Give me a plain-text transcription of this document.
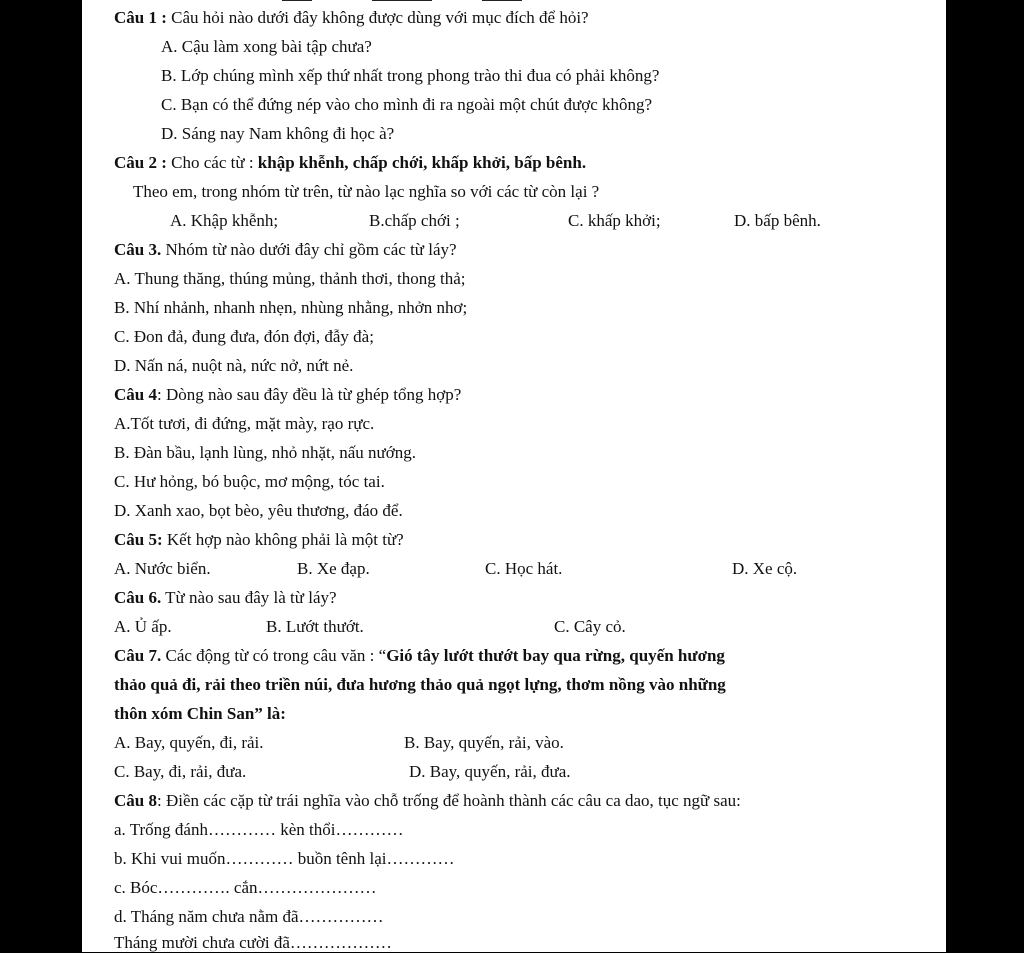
Câu 1 : Câu hỏi nào dưới đây không được dùng với mục đích để hỏi?
A. Cậu làm xong bài tập chưa?
B. Lớp chúng mình xếp thứ nhất trong phong trào thi đua có phải không?
C. Bạn có thể đứng nép vào cho mình đi ra ngoài một chút được không?
D. Sáng nay Nam không đi học à?
Câu 2 : Cho các từ : khập khễnh, chấp chới, khấp khởi, bấp bênh.
Theo em, trong nhóm từ trên, từ nào lạc nghĩa so với các từ còn lại ?
A. Khập khễnh;	B.chấp chới ;	C. khấp khởi;	D. bấp bênh.
Câu 3. Nhóm từ nào dưới đây chỉ gồm các từ láy?
A. Thung thăng, thúng mủng, thảnh thơi, thong thả;
B. Nhí nhảnh, nhanh nhẹn, nhùng nhằng, nhởn nhơ;
C. Đon đả, đung đưa, đón đợi, đẫy đà;
D. Nấn ná, nuột nà, nức nở, nứt nẻ.
Câu 4: Dòng nào sau đây đều là từ ghép tổng hợp?
A.Tốt tươi, đi đứng, mặt mày, rạo rực.
B. Đàn bầu, lạnh lùng, nhỏ nhặt, nấu nướng.
C. Hư hỏng, bó buộc, mơ mộng, tóc tai.
D. Xanh xao, bọt bèo, yêu thương, đáo để.
Câu 5: Kết hợp nào không phải là một từ?
A. Nước biển.	B. Xe đạp.	C. Học hát.	D. Xe cộ.
Câu 6. Từ nào sau đây là từ láy?
A. Ủ ấp.	B. Lướt thướt.	C. Cây cỏ.
Câu 7. Các động từ có trong câu văn : “Gió tây lướt thướt bay qua rừng, quyến hương
thảo quả đi, rải theo triền núi, đưa hương thảo quả ngọt lựng, thơm nồng vào những
thôn xóm Chin San” là:
A. Bay, quyến, đi, rải.	B. Bay, quyến, rải, vào.
C. Bay, đi, rải, đưa.	D. Bay, quyến, rải, đưa.
Câu 8: Điền các cặp từ trái nghĩa vào chỗ trống để hoành thành các câu ca dao, tục ngữ sau:
a. Trống đánh………… kèn thổi…………
b. Khi vui muốn………… buồn tênh lại…………
c. Bóc…………. cắn…………………
d. Tháng năm chưa nằm đã……………
Tháng mười chưa cười đã………………
